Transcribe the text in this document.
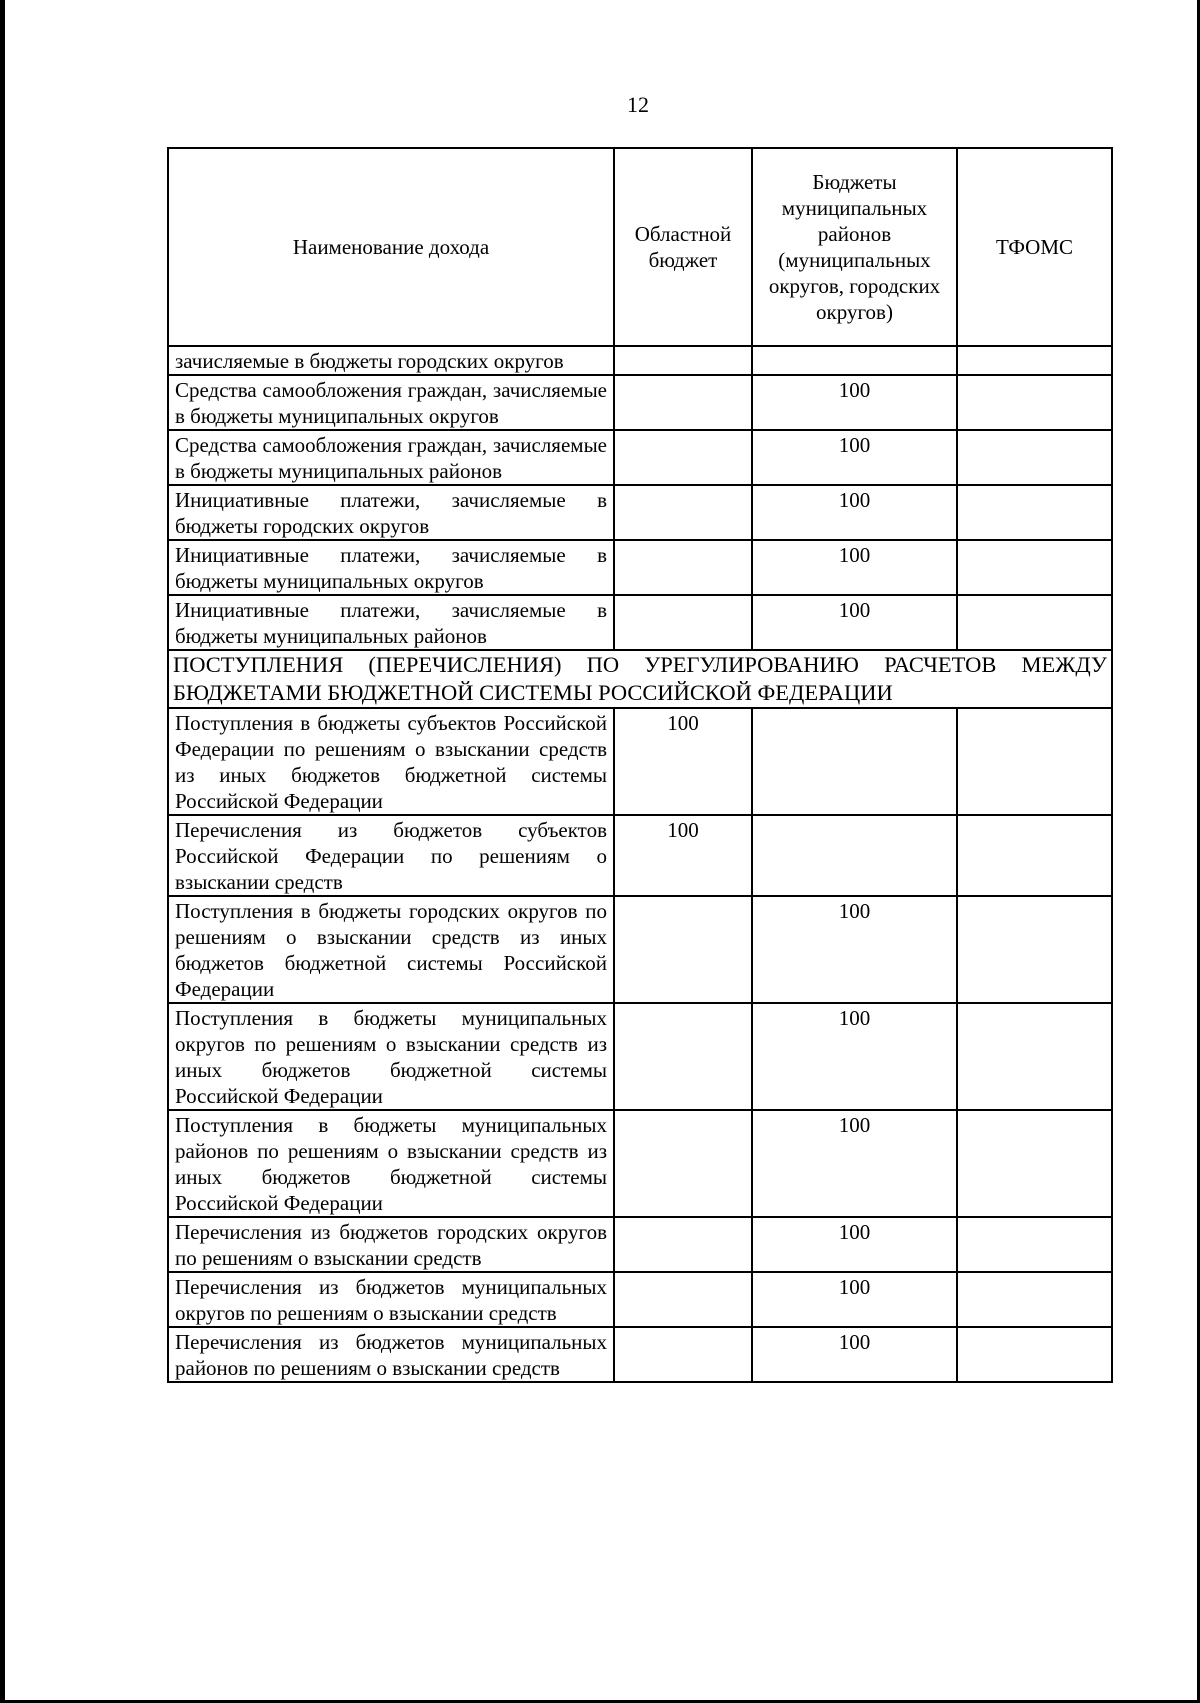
12
Наименование дохода	Областной бюджет	Бюджеты муниципальных районов (муниципальных округов, городских округов)	ТФОМС
зачисляемые в бюджеты городских округов			
Средства самообложения граждан, зачисляемые в бюджеты муниципальных округов		100	
Средства самообложения граждан, зачисляемые в бюджеты муниципальных районов		100	
Инициативные платежи, зачисляемые в бюджеты городских округов		100	
Инициативные платежи, зачисляемые в бюджеты муниципальных округов		100	
Инициативные платежи, зачисляемые в бюджеты муниципальных районов		100	
ПОСТУПЛЕНИЯ (ПЕРЕЧИСЛЕНИЯ) ПО УРЕГУЛИРОВАНИЮ РАСЧЕТОВ МЕЖДУ БЮДЖЕТАМИ БЮДЖЕТНОЙ СИСТЕМЫ РОССИЙСКОЙ ФЕДЕРАЦИИ			
Поступления в бюджеты субъектов Российской Федерации по решениям о взыскании средств из иных бюджетов бюджетной системы Российской Федерации	100		
Перечисления из бюджетов субъектов Российской Федерации по решениям о взыскании средств	100		
Поступления в бюджеты городских округов по решениям о взыскании средств из иных бюджетов бюджетной системы Российской Федерации		100	
Поступления в бюджеты муниципальных округов по решениям о взыскании средств из иных бюджетов бюджетной системы Российской Федерации		100	
Поступления в бюджеты муниципальных районов по решениям о взыскании средств из иных бюджетов бюджетной системы Российской Федерации		100	
Перечисления из бюджетов городских округов по решениям о взыскании средств		100	
Перечисления из бюджетов муниципальных округов по решениям о взыскании средств		100	
Перечисления из бюджетов муниципальных районов по решениям о взыскании средств		100	
